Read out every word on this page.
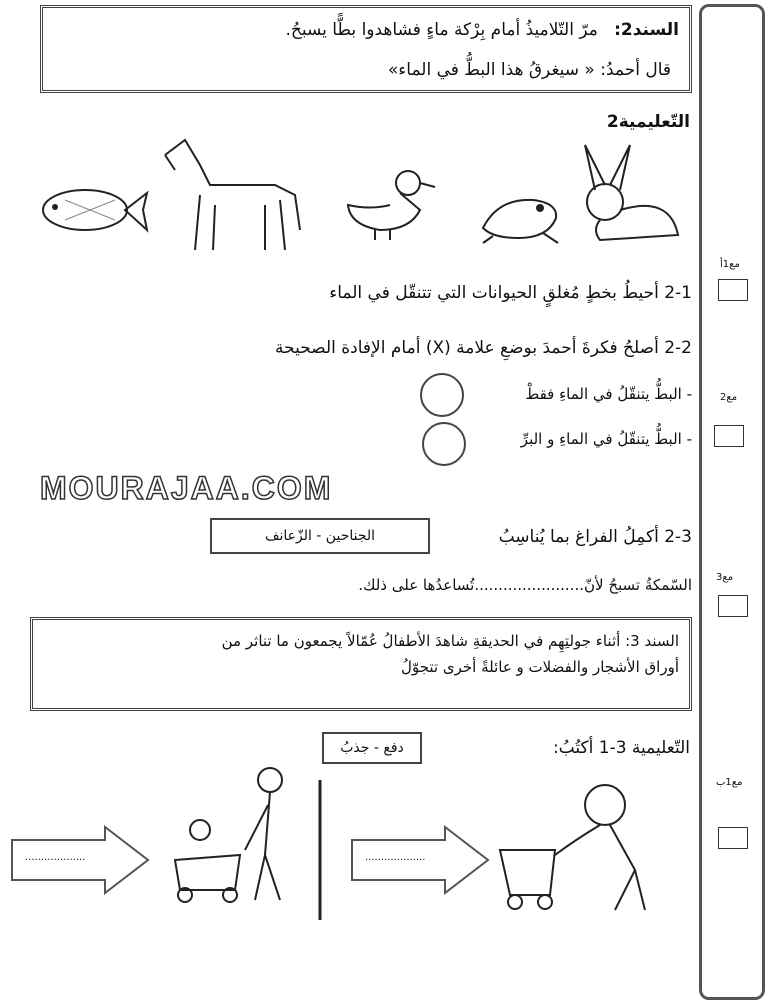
السند2:   مرّ التّلاميذُ أمام بِرْكة ماءٍ فشاهدوا بطًّا يسبحُ.
قال أحمدُ: « سيغرقُ هذا البطُّ في الماء»
التّعليمية2
2-1 أحيطُ بخطٍ مُغلقٍ الحيوانات التي تتنقّل في الماء
2-2 أصلحُ فكرةَ أحمدَ بوضعِ علامة (X) أمام الإفادة الصحيحة
- البطُّ يتنقّلُ في الماءِ فقطْ
- البطُّ يتنقّلُ في الماءِ و البرِّ
MOURAJAA.COM
2-3 أكمِلُ الفراغ بما يُناسِبُ
الجناحين - الزّعانف
السّمكةُ تسبحُ لأنّ.......................تُساعدُها على ذلك.
السند 3: أثناء جولتِهِم في الحديقةِ شاهدَ الأطفالُ عُمّالاً يجمعون ما تناثر من
أوراق الأشجار والفضلات و عائلةً أخرى تتجوّلُ
التّعليمية 3-1 أكتُبُ:
دفع - جذبُ
...................	...................
مع1أ
مع2
مع3
مع1ب
